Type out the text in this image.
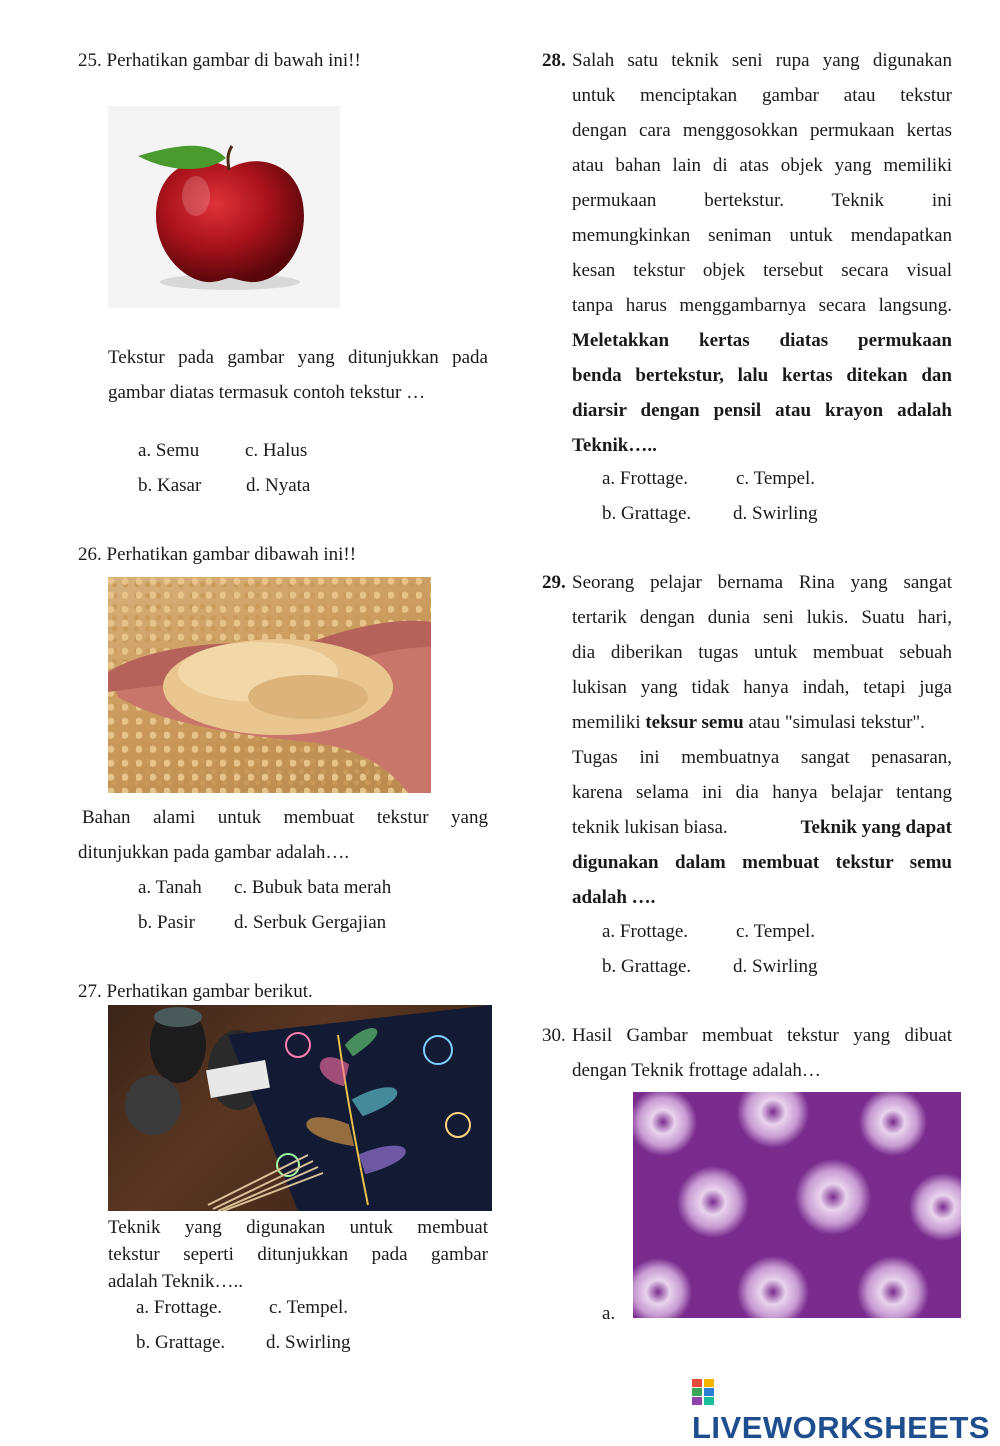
25. Perhatikan gambar di bawah ini!!
Tekstur pada gambar yang ditunjukkan pada
gambar diatas termasuk contoh tekstur …
a. Semu c. Halus
b. Kasar d. Nyata
26. Perhatikan gambar dibawah ini!!
Bahan alami untuk membuat tekstur yang
ditunjukkan pada gambar adalah….
a. Tanah c. Bubuk bata merah
b. Pasir d. Serbuk Gergajian
27. Perhatikan gambar berikut.
Teknik yang digunakan untuk membuat
tekstur seperti ditunjukkan pada gambar
adalah Teknik…..
a. Frottage. c. Tempel.
b. Grattage. d. Swirling
28. Salah satu teknik seni rupa yang digunakan
untuk menciptakan gambar atau tekstur
dengan cara menggosokkan permukaan kertas
atau bahan lain di atas objek yang memiliki
permukaan bertekstur. Teknik ini
memungkinkan seniman untuk mendapatkan
kesan tekstur objek tersebut secara visual
tanpa harus menggambarnya secara langsung.
Meletakkan kertas diatas permukaan
benda bertekstur, lalu kertas ditekan dan
diarsir dengan pensil atau krayon adalah
Teknik…..
a. Frottage.	c. Tempel.
b. Grattage. d. Swirling
29. Seorang pelajar bernama Rina yang sangat
tertarik dengan dunia seni lukis. Suatu hari,
dia diberikan tugas untuk membuat sebuah
lukisan yang tidak hanya indah, tetapi juga
memiliki teksur semu atau "simulasi tekstur".
Tugas ini membuatnya sangat penasaran,
karena selama ini dia hanya belajar tentang
teknik lukisan biasa.	Teknik yang dapat
digunakan dalam membuat tekstur semu
adalah ….
a. Frottage.	c. Tempel.
b. Grattage. d. Swirling
30. Hasil Gambar membuat tekstur yang dibuat
dengan Teknik frottage adalah…
a.
LIVEWORKSHEETS
